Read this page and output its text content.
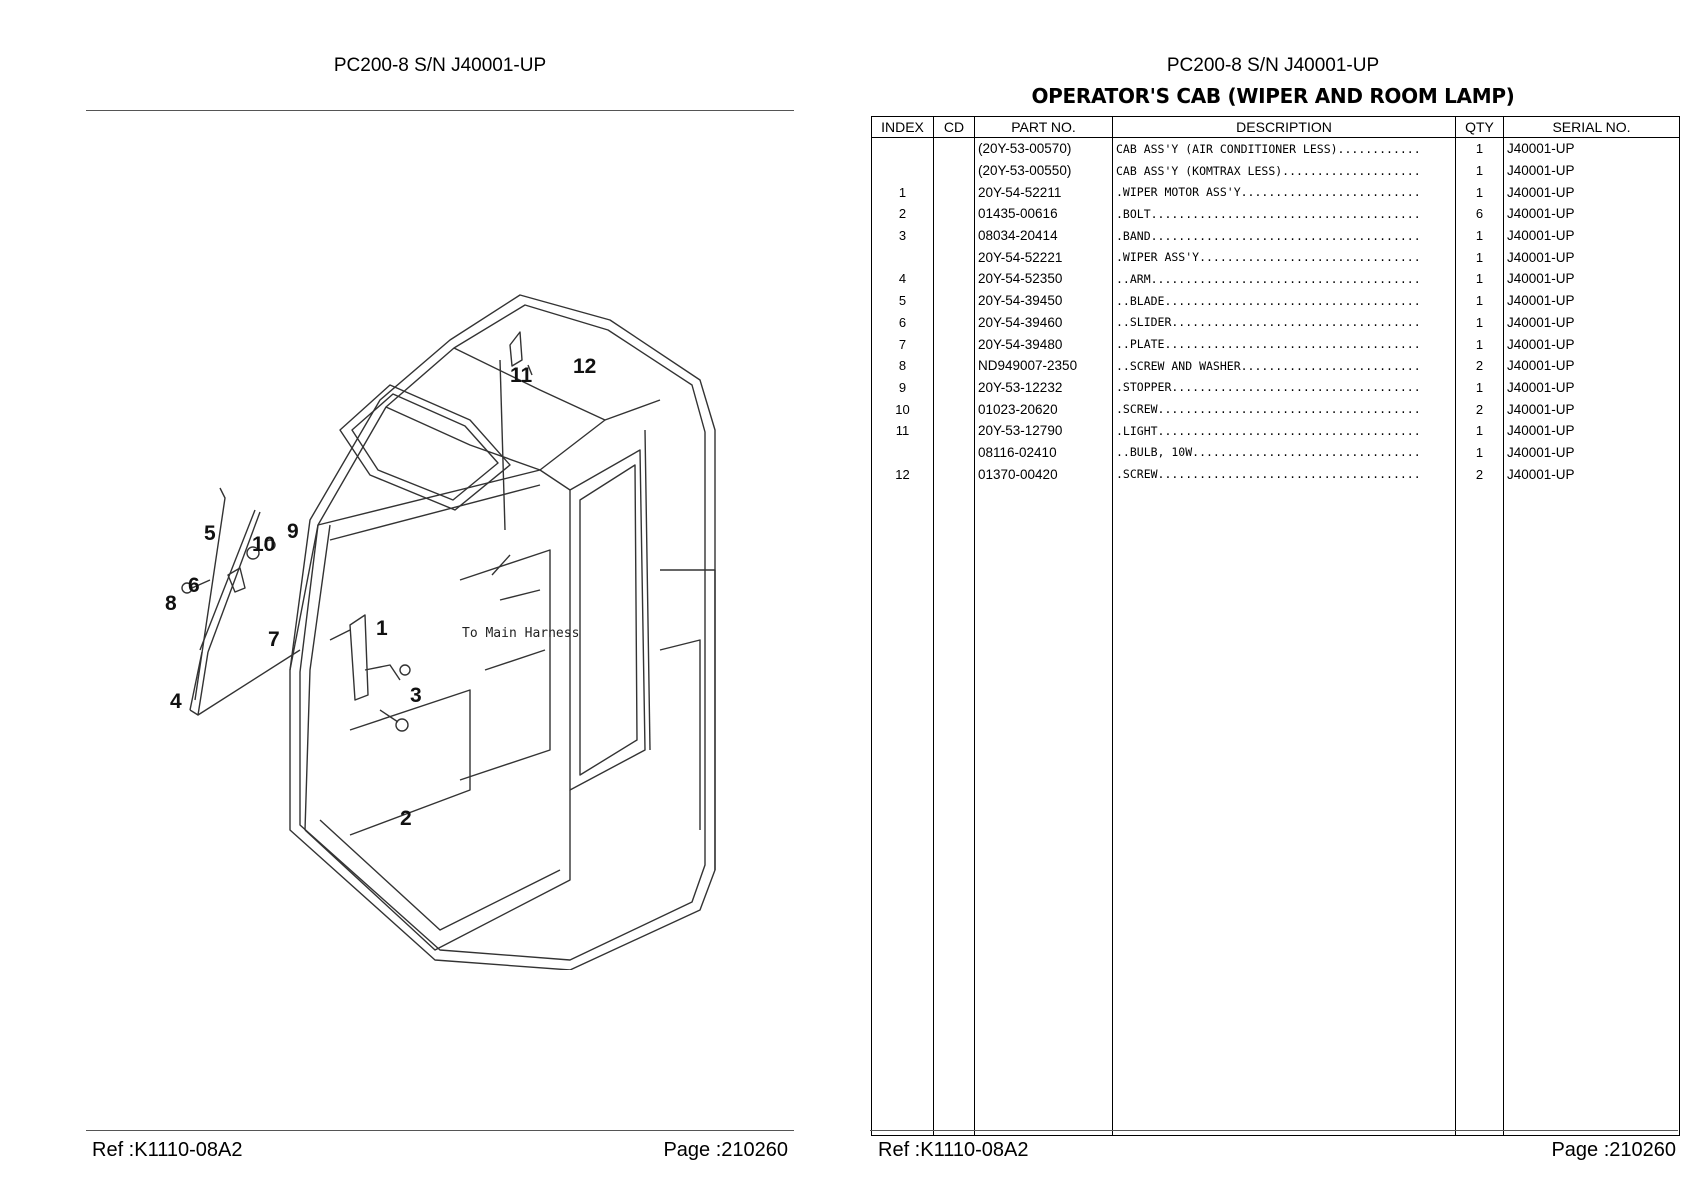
PC200-8 S/N J40001-UP	PC200-8 S/N J40001-UP
OPERATOR'S CAB (WIPER AND ROOM LAMP)
To Main Harness
1
2
3
4
5
6
7
8
9
10
11 12
INDEX	CD	PART NO.	DESCRIPTION	QTY	SERIAL NO.
		(20Y-53-00570)	CAB ASS'Y (AIR CONDITIONER LESS)............	1	J40001-UP
		(20Y-53-00550)	CAB ASS'Y (KOMTRAX LESS)....................	1	J40001-UP
1		20Y-54-52211	.WIPER MOTOR ASS'Y..........................	1	J40001-UP
2		01435-00616	.BOLT.......................................	6	J40001-UP
3		08034-20414	.BAND.......................................	1	J40001-UP
		20Y-54-52221	.WIPER ASS'Y................................	1	J40001-UP
4		20Y-54-52350	..ARM.......................................	1	J40001-UP
5		20Y-54-39450	..BLADE.....................................	1	J40001-UP
6		20Y-54-39460	..SLIDER....................................	1	J40001-UP
7		20Y-54-39480	..PLATE.....................................	1	J40001-UP
8		ND949007-2350	..SCREW AND WASHER..........................	2	J40001-UP
9		20Y-53-12232	.STOPPER....................................	1	J40001-UP
10		01023-20620	.SCREW......................................	2	J40001-UP
11		20Y-53-12790	.LIGHT......................................	1	J40001-UP
		08116-02410	..BULB, 10W.................................	1	J40001-UP
12		01370-00420	.SCREW......................................	2	J40001-UP

Ref :K1110-08A2	Page :210260	Ref :K1110-08A2	Page :210260
